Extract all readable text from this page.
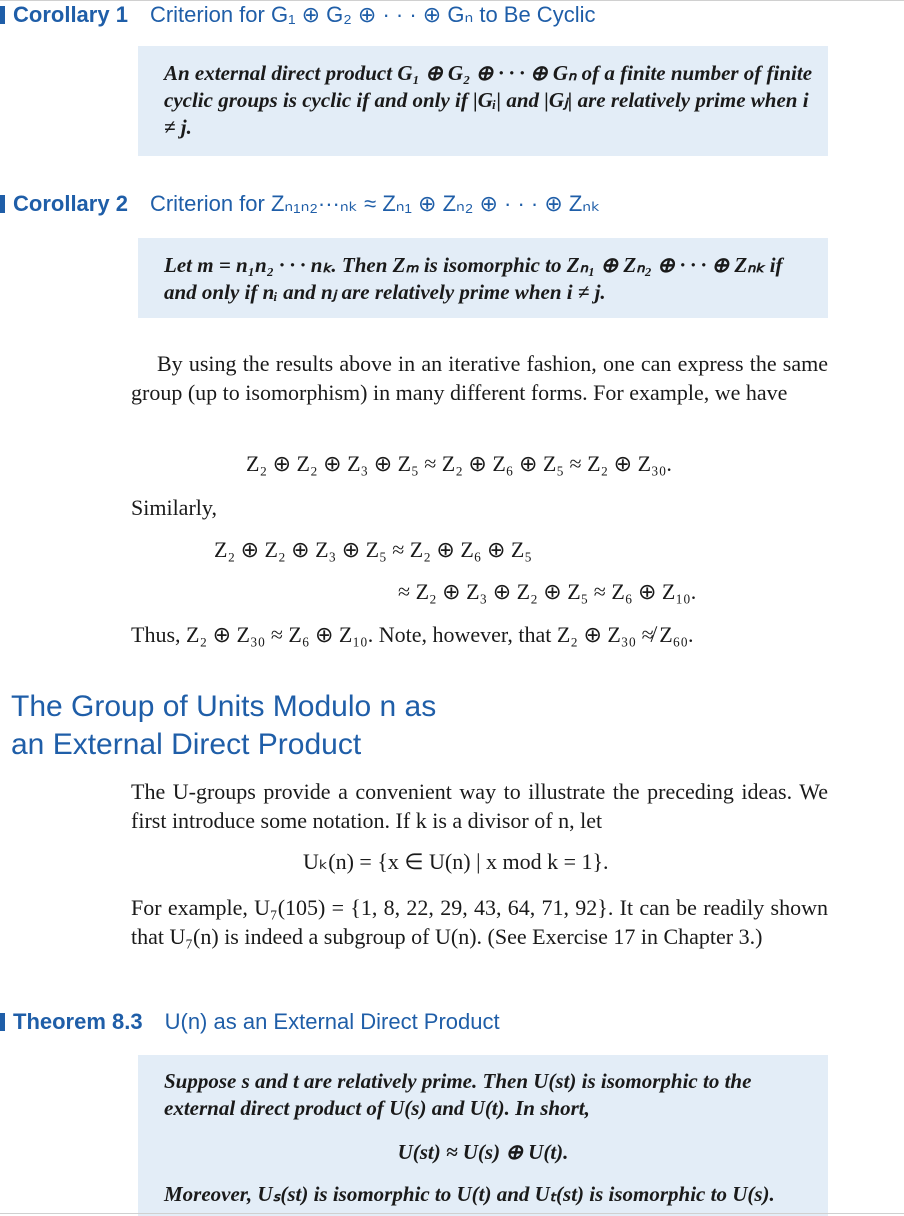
Corollary 1 Criterion for G₁ ⊕ G₂ ⊕ · · · ⊕ Gₙ to Be Cyclic
An external direct product G₁ ⊕ G₂ ⊕ · · · ⊕ Gₙ of a finite number of finite cyclic groups is cyclic if and only if |Gᵢ| and |Gⱼ| are relatively prime when i ≠ j.
Corollary 2 Criterion for Zₙ₁ₙ₂···ₙₖ ≈ Zₙ₁ ⊕ Zₙ₂ ⊕ · · · ⊕ Zₙₖ
Let m = n₁n₂ · · · nₖ. Then Zₘ is isomorphic to Zₙ₁ ⊕ Zₙ₂ ⊕ · · · ⊕ Zₙₖ if and only if nᵢ and nⱼ are relatively prime when i ≠ j.
By using the results above in an iterative fashion, one can express the same group (up to isomorphism) in many different forms. For example, we have
Z₂ ⊕ Z₂ ⊕ Z₃ ⊕ Z₅ ≈ Z₂ ⊕ Z₆ ⊕ Z₅ ≈ Z₂ ⊕ Z₃₀.
Similarly,
Z₂ ⊕ Z₂ ⊕ Z₃ ⊕ Z₅ ≈ Z₂ ⊕ Z₆ ⊕ Z₅
≈ Z₂ ⊕ Z₃ ⊕ Z₂ ⊕ Z₅ ≈ Z₆ ⊕ Z₁₀.
Thus, Z₂ ⊕ Z₃₀ ≈ Z₆ ⊕ Z₁₀. Note, however, that Z₂ ⊕ Z₃₀ ≉ Z₆₀.
The Group of Units Modulo n as
an External Direct Product
The U-groups provide a convenient way to illustrate the preceding ideas. We first introduce some notation. If k is a divisor of n, let
Uₖ(n) = {x ∈ U(n) | x mod k = 1}.
For example, U₇(105) = {1, 8, 22, 29, 43, 64, 71, 92}. It can be readily shown that U₇(n) is indeed a subgroup of U(n). (See Exercise 17 in Chapter 3.)
Theorem 8.3 U(n) as an External Direct Product
Suppose s and t are relatively prime. Then U(st) is isomorphic to the external direct product of U(s) and U(t). In short,
U(st) ≈ U(s) ⊕ U(t).
Moreover, Uₛ(st) is isomorphic to U(t) and Uₜ(st) is isomorphic to U(s).
